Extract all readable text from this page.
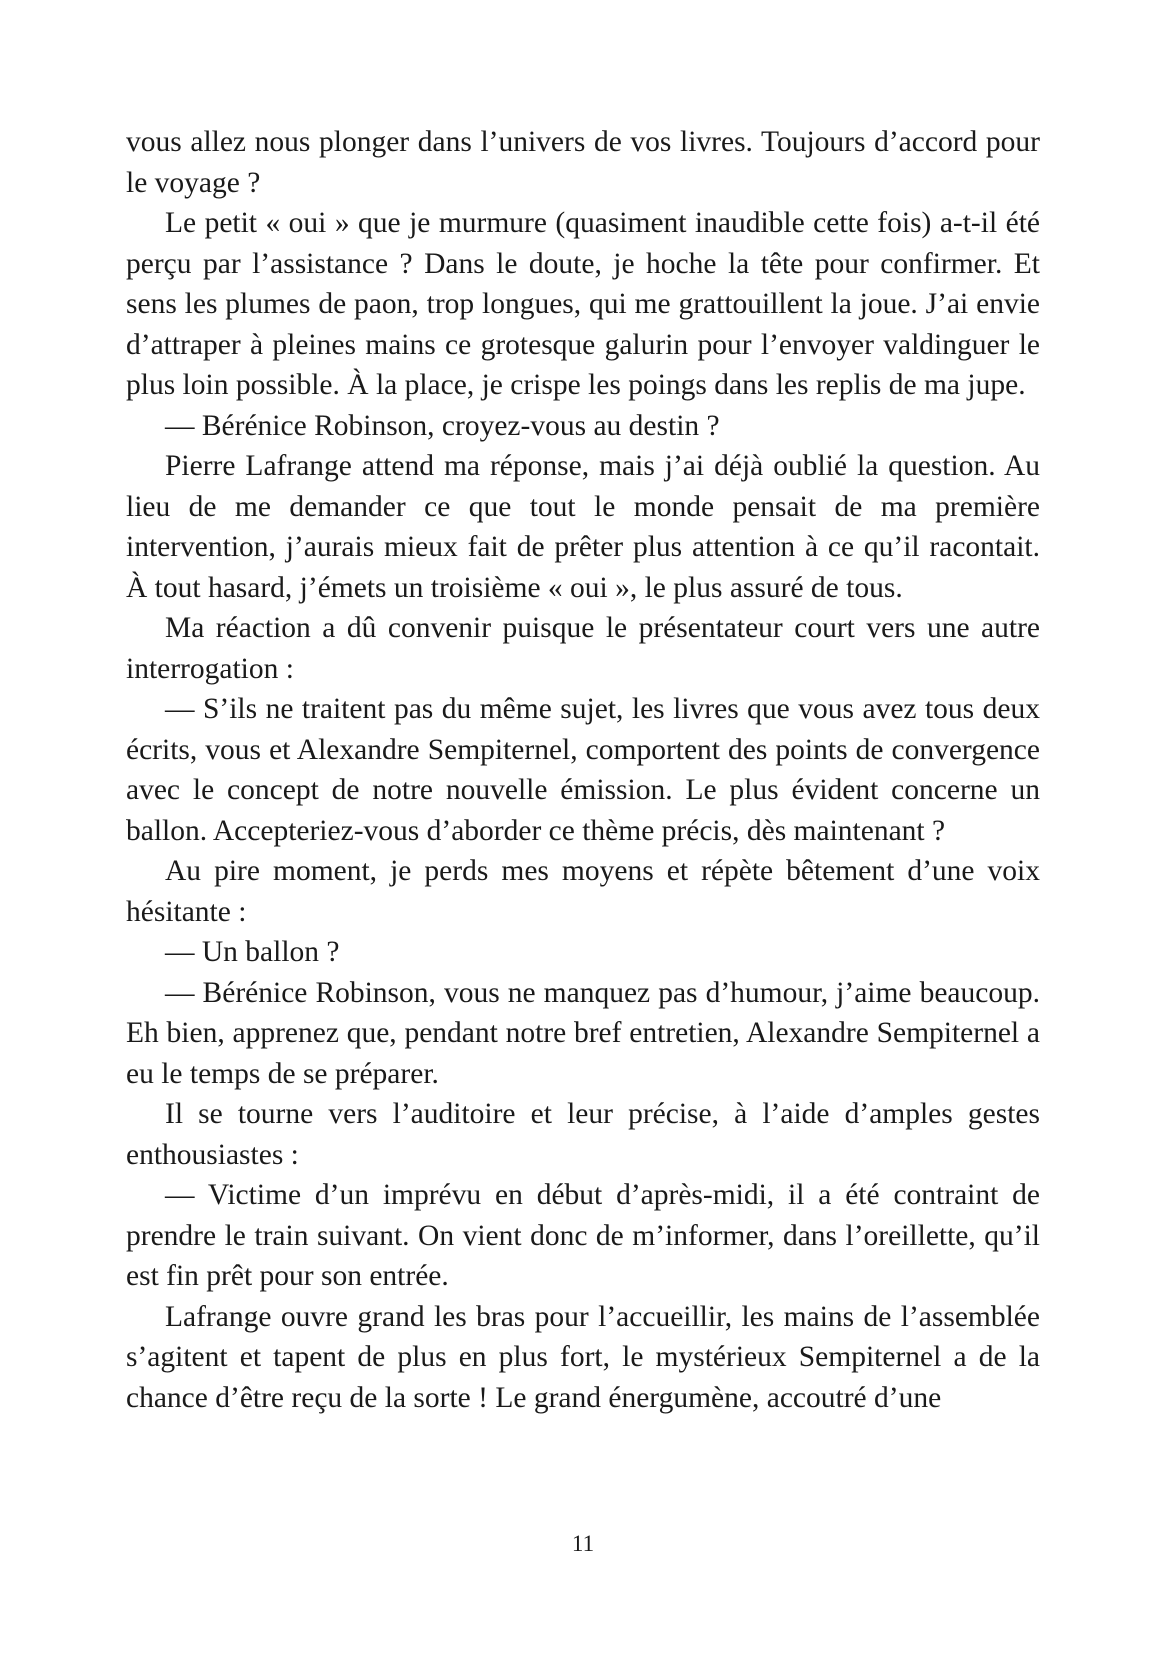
vous allez nous plonger dans l’univers de vos livres. Toujours d’accord pour le voyage ?

Le petit « oui » que je murmure (quasiment inaudible cette fois) a-t-il été perçu par l’assistance ? Dans le doute, je hoche la tête pour confirmer. Et sens les plumes de paon, trop longues, qui me grattouillent la joue. J’ai envie d’attraper à pleines mains ce grotesque galurin pour l’envoyer valdinguer le plus loin possible. À la place, je crispe les poings dans les replis de ma jupe.

— Bérénice Robinson, croyez-vous au destin ?

Pierre Lafrange attend ma réponse, mais j’ai déjà oublié la question. Au lieu de me demander ce que tout le monde pensait de ma première intervention, j’aurais mieux fait de prêter plus attention à ce qu’il racontait. À tout hasard, j’émets un troisième « oui », le plus assuré de tous.

Ma réaction a dû convenir puisque le présentateur court vers une autre interrogation :

— S’ils ne traitent pas du même sujet, les livres que vous avez tous deux écrits, vous et Alexandre Sempiternel, comportent des points de convergence avec le concept de notre nouvelle émission. Le plus évident concerne un ballon. Accepteriez-vous d’aborder ce thème précis, dès maintenant ?

Au pire moment, je perds mes moyens et répète bêtement d’une voix hésitante :

— Un ballon ?

— Bérénice Robinson, vous ne manquez pas d’humour, j’aime beaucoup. Eh bien, apprenez que, pendant notre bref entretien, Alexandre Sempiternel a eu le temps de se préparer.

Il se tourne vers l’auditoire et leur précise, à l’aide d’amples gestes enthousiastes :

— Victime d’un imprévu en début d’après-midi, il a été contraint de prendre le train suivant. On vient donc de m’informer, dans l’oreillette, qu’il est fin prêt pour son entrée.

Lafrange ouvre grand les bras pour l’accueillir, les mains de l’assemblée s’agitent et tapent de plus en plus fort, le mystérieux Sempiternel a de la chance d’être reçu de la sorte ! Le grand énergumène, accoutré d’une

11
